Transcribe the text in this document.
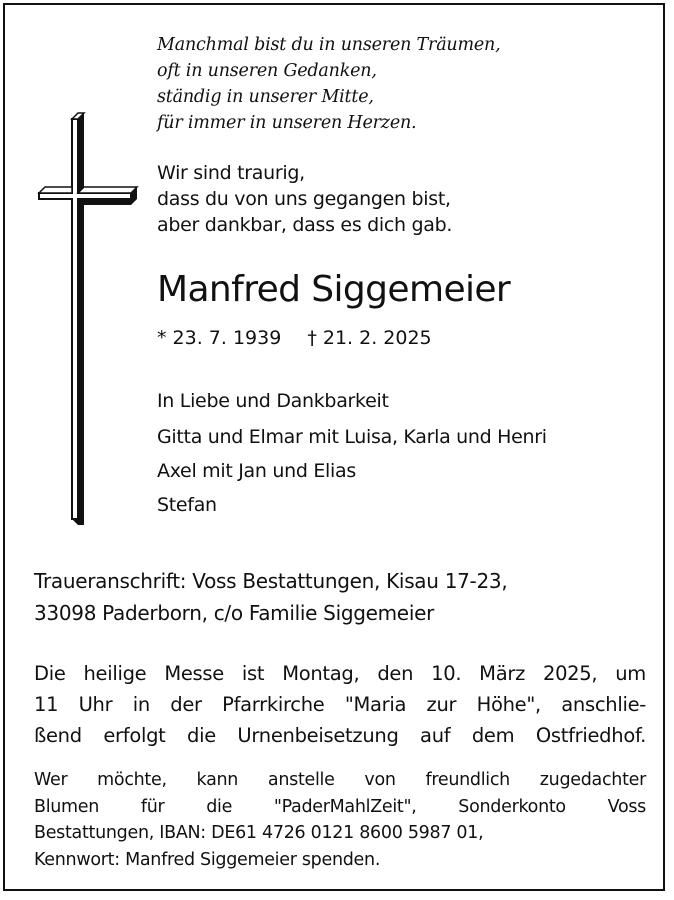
Manchmal bist du in unseren Träumen,
oft in unseren Gedanken,
ständig in unserer Mitte,
für immer in unseren Herzen.
Wir sind traurig,
dass du von uns gegangen bist,
aber dankbar, dass es dich gab.
Manfred Siggemeier
* 23. 7. 1939 † 21. 2. 2025
In Liebe und Dankbarkeit
Gitta und Elmar mit Luisa, Karla und Henri
Axel mit Jan und Elias
Stefan
Traueranschrift: Voss Bestattungen, Kisau 17-23,
33098 Paderborn, c/o Familie Siggemeier
Die heilige Messe ist Montag, den 10. März 2025, um
11 Uhr in der Pfarrkirche "Maria zur Höhe", anschlie-
ßend erfolgt die Urnenbeisetzung auf dem Ostfriedhof.
Wer möchte, kann anstelle von freundlich zugedachter
Blumen für die "PaderMahlZeit", Sonderkonto Voss
Bestattungen, IBAN: DE61 4726 0121 8600 5987 01,
Kennwort: Manfred Siggemeier spenden.
